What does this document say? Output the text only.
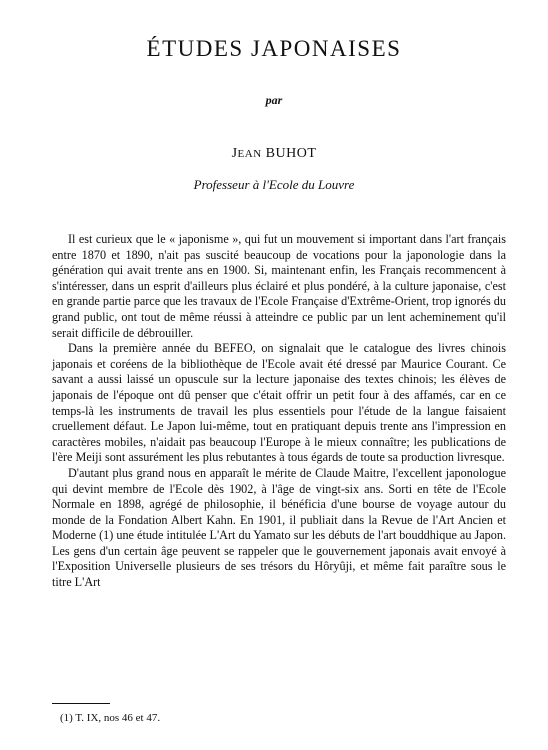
ÉTUDES JAPONAISES
par
JEAN BUHOT
Professeur à l'Ecole du Louvre

Il est curieux que le « japonisme », qui fut un mouvement si important dans l'art français entre 1870 et 1890, n'ait pas suscité beaucoup de vocations pour la japonologie dans la génération qui avait trente ans en 1900. Si, maintenant enfin, les Français recommencent à s'intéresser, dans un esprit d'ailleurs plus éclairé et plus pondéré, à la culture japonaise, c'est en grande partie parce que les travaux de l'Ecole Française d'Extrême-Orient, trop ignorés du grand public, ont tout de même réussi à atteindre ce public par un lent acheminement qu'il serait difficile de débrouiller.

Dans la première année du BEFEO, on signalait que le catalogue des livres chinois japonais et coréens de la bibliothèque de l'Ecole avait été dressé par Maurice Courant. Ce savant a aussi laissé un opuscule sur la lecture japonaise des textes chinois; les élèves de japonais de l'époque ont dû penser que c'était offrir un petit four à des affamés, car en ce temps-là les instruments de travail les plus essentiels pour l'étude de la langue faisaient cruellement défaut. Le Japon lui-même, tout en pratiquant depuis trente ans l'impression en caractères mobiles, n'aidait pas beaucoup l'Europe à le mieux connaître; les publications de l'ère Meiji sont assurément les plus rebutantes à tous égards de toute sa production livresque.

D'autant plus grand nous en apparaît le mérite de Claude Maitre, l'excellent japonologue qui devint membre de l'Ecole dès 1902, à l'âge de vingt-six ans. Sorti en tête de l'Ecole Normale en 1898, agrégé de philosophie, il bénéficia d'une bourse de voyage autour du monde de la Fondation Albert Kahn. En 1901, il publiait dans la Revue de l'Art Ancien et Moderne (1) une étude intitulée L'Art du Yamato sur les débuts de l'art bouddhique au Japon. Les gens d'un certain âge peuvent se rappeler que le gouvernement japonais avait envoyé à l'Exposition Universelle plusieurs de ses trésors du Hôryûji, et même fait paraître sous le titre L'Art

(1) T. IX, nos 46 et 47.
